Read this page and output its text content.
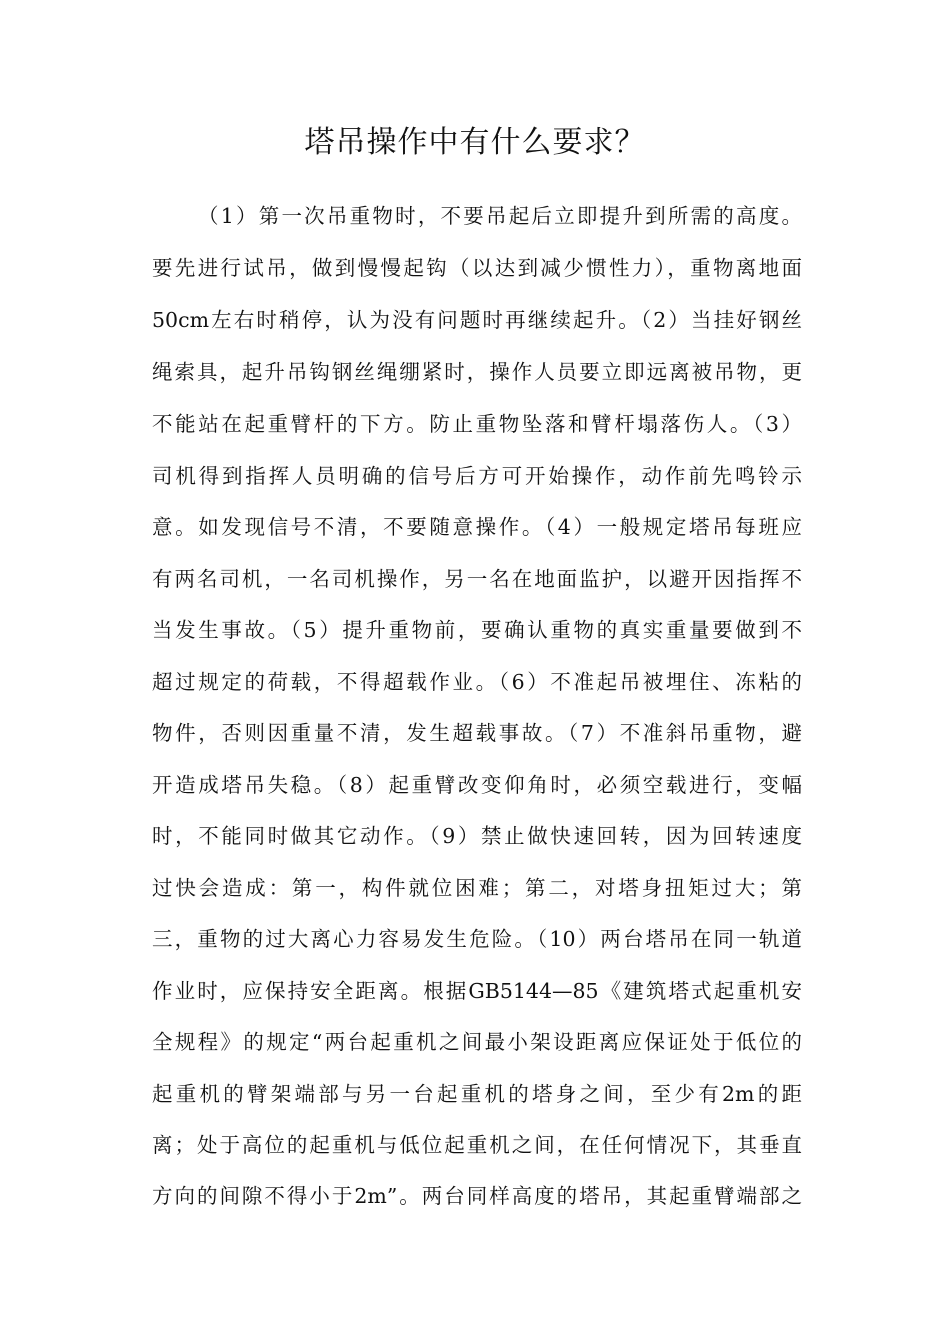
塔吊操作中有什么要求？
（1）第一次吊重物时，不要吊起后立即提升到所需的高度。
要先进行试吊，做到慢慢起钩（以达到减少惯性力），重物离地面
50cm左右时稍停，认为没有问题时再继续起升。（2）当挂好钢丝
绳索具，起升吊钩钢丝绳绷紧时，操作人员要立即远离被吊物，更
不能站在起重臂杆的下方。防止重物坠落和臂杆塌落伤人。（3）
司机得到指挥人员明确的信号后方可开始操作，动作前先鸣铃示
意。如发现信号不清，不要随意操作。（4）一般规定塔吊每班应
有两名司机，一名司机操作，另一名在地面监护，以避开因指挥不
当发生事故。（5）提升重物前，要确认重物的真实重量要做到不
超过规定的荷载，不得超载作业。（6）不准起吊被埋住、冻粘的
物件，否则因重量不清，发生超载事故。（7）不准斜吊重物，避
开造成塔吊失稳。（8）起重臂改变仰角时，必须空载进行，变幅
时，不能同时做其它动作。（9）禁止做快速回转，因为回转速度
过快会造成：第一，构件就位困难；第二，对塔身扭矩过大；第
三，重物的过大离心力容易发生危险。（10）两台塔吊在同一轨道
作业时，应保持安全距离。根据GB5144—85《建筑塔式起重机安
全规程》的规定“两台起重机之间最小架设距离应保证处于低位的
起重机的臂架端部与另一台起重机的塔身之间，至少有2m的距
离；处于高位的起重机与低位起重机之间，在任何情况下，其垂直
方向的间隙不得小于2m”。两台同样高度的塔吊，其起重臂端部之
